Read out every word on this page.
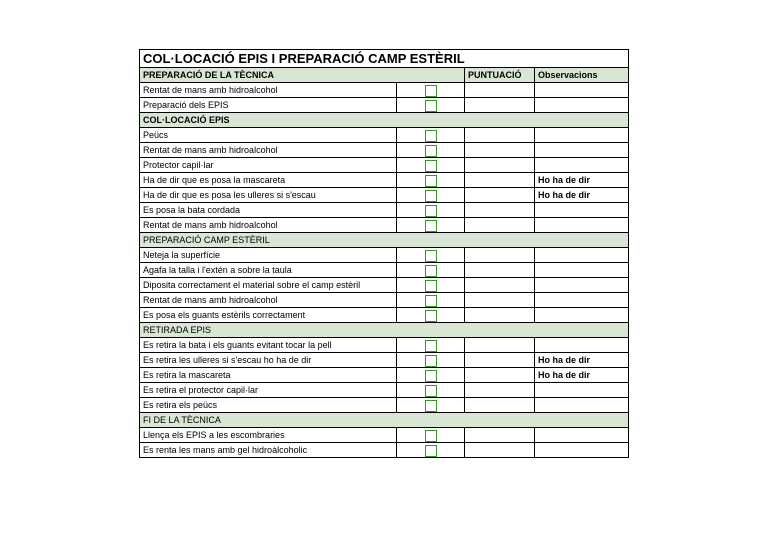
COL·LOCACIÓ EPIS I PREPARACIÓ CAMP ESTÈRIL			
PREPARACIÓ DE LA TÈCNICA		PUNTUACIÓ	Observacions
Rentat de mans amb hidroalcohol			
Preparació dels EPIS			
COL·LOCACIÓ EPIS			
Peücs			
Rentat de mans amb hidroalcohol			
Protector capil·lar			
Ha de dir que es posa la mascareta			Ho ha de dir
Ha de dir que es posa les ulleres si s'escau			Ho ha de dir
Es posa la bata cordada			
Rentat de mans amb hidroalcohol			
PREPARACIÓ CAMP ESTÈRIL			
Neteja la superfície			
Agafa la talla i l'extén a sobre la taula			
Diposita correctament el material sobre el camp estèril			
Rentat de mans amb hidroalcohol			
Es posa els guants estèrils correctament			
RETIRADA EPIS			
Es retira la bata i els guants evitant tocar la pell			
Es retira les ulleres si s'escau ho ha de dir			Ho ha de dir
Es retira la mascareta			Ho ha de dir
Es retira el protector capil·lar			
Es retira els peücs			
FI DE LA TÈCNICA			
Llença els EPIS a les escombraries			
Es renta les mans amb gel hidroàlcoholic			
